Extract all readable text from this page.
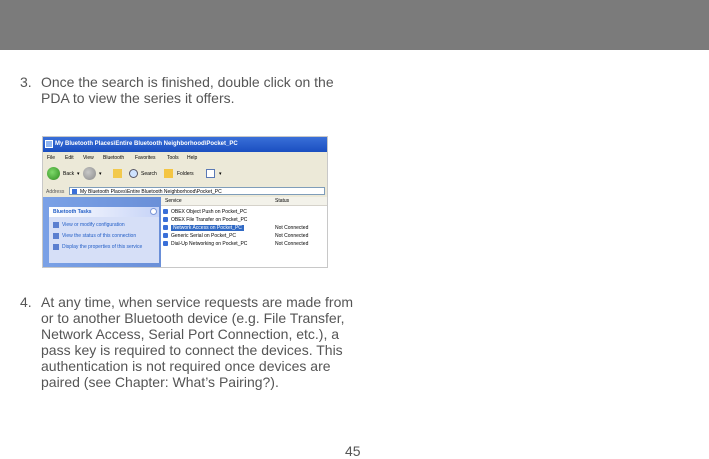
3. Once the search is finished, double click on the PDA to view the series it offers.
My Bluetooth Places\Entire Bluetooth Neighborhood\Pocket_PC
File Edit View Bluetooth Favorites Tools Help
Back ▾	▾	Search	Folders	▾
Address	My Bluetooth Places\Entire Bluetooth Neighborhood\Pocket_PC
Bluetooth Tasks
View or modify configuration
View the status of this connection
Display the properties of this service
Service	Status
OBEX Object Push on Pocket_PC
OBEX File Transfer on Pocket_PC
Network Access on Pocket_PC	Not Connected
Generic Serial on Pocket_PC	Not Connected
Dial-Up Networking on Pocket_PC	Not Connected
4. At any time, when service requests are made from or to another Bluetooth device (e.g. File Transfer, Network Access, Serial Port Connection, etc.), a pass key is required to connect the devices. This authentication is not required once devices are paired (see Chapter: What’s Pairing?).
45
